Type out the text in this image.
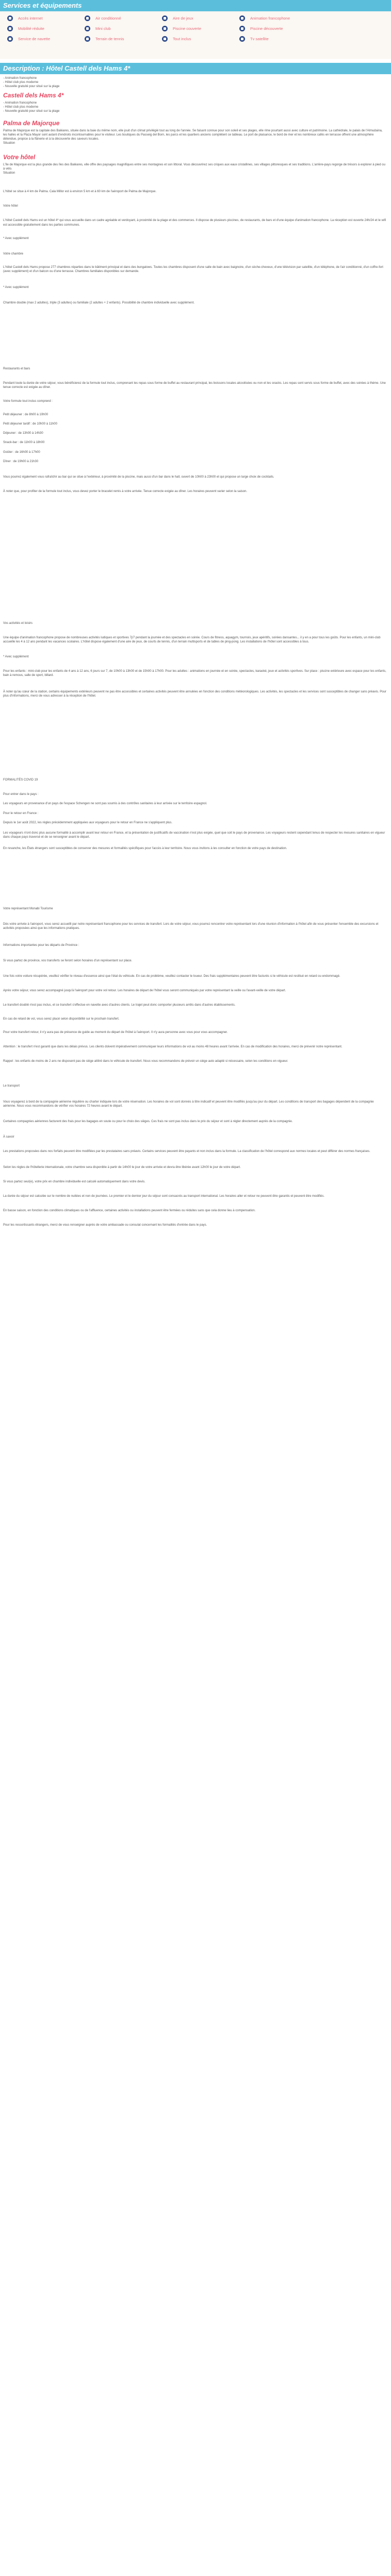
Services et équipements
Accès internet	Air conditionné	Aire de jeux	Animation francophone
Mobilité réduite	Mini club	Piscine couverte	Piscine découverte
Service de navette	Terrain de tennis	Tout inclus	Tv satellite
Description : Hôtel Castell dels Hams 4*

- Animation francophone
- Hôtel club plus moderne
- Nouvelle gratuité pour situé sur la plage

Castell dels Hams 4*

- Animation francophone
- Hôtel club plus moderne
- Nouvelle gratuité pour situé sur la plage

Palma de Majorque

Palma de Majorque est la capitale des Baléares, située dans la baie du même nom, elle jouit d'un climat privilégié tout au long de l'année. Se faisant connue pour son soleil et ses plages, elle rime pourtant aussi avec culture et patrimoine. La cathédrale, le palais de l'Almudaina, les halles et la Plaza Mayor sont autant d'endroits incontournables pour le visiteur. Les boutiques du Passeig del Born, les parcs et les quartiers anciens complètent ce tableau. Le port de plaisance, le bord de mer et les nombreux cafés en terrasse offrent une atmosphère détendue, propice à la flânerie et à la découverte des saveurs locales.
Situation

Votre hôtel

L'île de Majorque est la plus grande des îles des Baléares, elle offre des paysages magnifiques entre ses montagnes et son littoral. Vous découvrirez ses criques aux eaux cristallines, ses villages pittoresques et ses traditions. L'arrière-pays regorge de trésors à explorer à pied ou à vélo.
Situation

L'hôtel se situe à 4 km de Palma. Cala Millor est à environ 5 km et à 60 km de l'aéroport de Palma de Majorque.

Votre hôtel

L'hôtel Castell dels Hams est un hôtel 4* qui vous accueille dans un cadre agréable et verdoyant, à proximité de la plage et des commerces. Il dispose de plusieurs piscines, de restaurants, de bars et d'une équipe d'animation francophone. La réception est ouverte 24h/24 et le wifi est accessible gratuitement dans les parties communes.

* Avec supplément

Votre chambre

L'hôtel Castell dels Hams propose 277 chambres réparties dans le bâtiment principal et dans des bungalows. Toutes les chambres disposent d'une salle de bain avec baignoire, d'un sèche-cheveux, d'une télévision par satellite, d'un téléphone, de l'air conditionné, d'un coffre-fort (avec supplément) et d'un balcon ou d'une terrasse. Chambres familiales disponibles sur demande.

* Avec supplément

Chambre double (max 2 adultes), triple (3 adultes) ou familiale (2 adultes + 2 enfants). Possibilité de chambre individuelle avec supplément.

Restaurants et bars

Pendant toute la durée de votre séjour, vous bénéficierez de la formule tout inclus, comprenant les repas sous forme de buffet au restaurant principal, les boissons locales alcoolisées ou non et les snacks. Les repas sont servis sous forme de buffet, avec des soirées à thème. Une tenue correcte est exigée au dîner.

Votre formule tout inclus comprend :

Petit déjeuner : de 8h00 à 10h00

Petit déjeuner tardif : de 10h00 à 11h00

Déjeuner : de 13h00 à 14h30

Snack-bar : de 11h00 à 18h00

Goûter : de 16h00 à 17h00

Dîner : de 19h00 à 21h30

Vous pourrez également vous rafraîchir au bar qui se situe à l'extérieur, à proximité de la piscine, mais aussi d'un bar dans le hall, ouvert de 10h00 à 23h00 et qui propose un large choix de cocktails.

À noter que, pour profiter de la formule tout inclus, vous devez porter le bracelet remis à votre arrivée. Tenue correcte exigée au dîner. Les horaires peuvent varier selon la saison.

Vos activités et loisirs

Une équipe d'animation francophone propose de nombreuses activités ludiques et sportives 7j/7 pendant la journée et des spectacles en soirée. Cours de fitness, aquagym, tournois, jeux apéritifs, soirées dansantes... il y en a pour tous les goûts. Pour les enfants, un mini-club accueille les 4 à 12 ans pendant les vacances scolaires. L'hôtel dispose également d'une aire de jeux, de courts de tennis, d'un terrain multisports et de tables de ping-pong. Les installations de l'hôtel sont accessibles à tous.

* Avec supplément

Pour les enfants : mini-club pour les enfants de 4 ans à 12 ans, 6 jours sur 7, de 10h00 à 13h00 et de 15h00 à 17h00. Pour les adultes : animations en journée et en soirée, spectacles, karaoké, jeux et activités sportives. Sur place : piscine extérieure avec espace pour les enfants, bain à remous, salle de sport, billard.

À noter qu'au cœur de la station, certains équipements extérieurs peuvent ne pas être accessibles et certaines activités peuvent être annulées en fonction des conditions météorologiques. Les activités, les spectacles et les services sont susceptibles de changer sans préavis. Pour plus d'informations, merci de vous adresser à la réception de l'hôtel.

FORMALITÉS COVID 19

Pour entrer dans le pays :

Les voyageurs en provenance d'un pays de l'espace Schengen ne sont pas soumis à des contrôles sanitaires à leur arrivée sur le territoire espagnol.

Pour le retour en France :

Depuis le 1er août 2022, les règles précédemment appliquées aux voyageurs pour le retour en France ne s'appliquent plus.

Les voyageurs n'ont donc plus aucune formalité à accomplir avant leur retour en France, et la présentation de justificatifs de vaccination n'est plus exigée, quel que soit le pays de provenance. Les voyageurs restent cependant tenus de respecter les mesures sanitaires en vigueur dans chaque pays traversé et de se renseigner avant le départ.

En revanche, les États étrangers sont susceptibles de conserver des mesures et formalités spécifiques pour l'accès à leur territoire. Nous vous invitons à les consulter en fonction de votre pays de destination.

Votre représentant Monabi Tourisme

Dès votre arrivée à l'aéroport, vous serez accueilli par notre représentant francophone pour les services de transfert. Lors de votre séjour, vous pourrez rencontrer votre représentant lors d'une réunion d'information à l'hôtel afin de vous présenter l'ensemble des excursions et activités proposées ainsi que les informations pratiques.

Informations importantes pour les départs de Province :

Si vous partez de province, vos transferts se feront selon horaires d'un représentant sur place.

Une fois votre voiture récupérée, veuillez vérifier le niveau d'essence ainsi que l'état du véhicule. En cas de problème, veuillez contacter le loueur. Des frais supplémentaires peuvent être facturés si le véhicule est restitué en retard ou endommagé.

Après votre séjour, vous serez accompagné jusqu'à l'aéroport pour votre vol retour. Les horaires de départ de l'hôtel vous seront communiqués par votre représentant la veille ou l'avant-veille de votre départ.

Le transfert doublé n'est pas inclus, et ce transfert s'effectue en navette avec d'autres clients. Le trajet peut donc comporter plusieurs arrêts dans d'autres établissements.

En cas de retard de vol, vous serez placé selon disponibilité sur le prochain transfert.

Pour votre transfert retour, il n'y aura pas de présence de guide au moment du départ de l'hôtel à l'aéroport. Il n'y aura personne avec vous pour vous accompagner.

Attention : le transfert n'est garanti que dans les délais prévus. Les clients doivent impérativement communiquer leurs informations de vol au moins 48 heures avant l'arrivée. En cas de modification des horaires, merci de prévenir notre représentant.

Rappel : les enfants de moins de 2 ans ne disposent pas de siège attitré dans le véhicule de transfert. Nous vous recommandons de prévoir un siège auto adapté si nécessaire, selon les conditions en vigueur.

Le transport

Vous voyagerez à bord de la compagnie aérienne régulière ou charter indiquée lors de votre réservation. Les horaires de vol sont donnés à titre indicatif et peuvent être modifiés jusqu'au jour du départ. Les conditions de transport des bagages dépendent de la compagnie aérienne. Nous vous recommandons de vérifier vos horaires 72 heures avant le départ.

Certaines compagnies aériennes facturent des frais pour les bagages en soute ou pour le choix des sièges. Ces frais ne sont pas inclus dans le prix du séjour et sont à régler directement auprès de la compagnie.

À savoir

Les prestations proposées dans nos forfaits peuvent être modifiées par les prestataires sans préavis. Certains services peuvent être payants et non inclus dans la formule. La classification de l'hôtel correspond aux normes locales et peut différer des normes françaises.

Selon les règles de l'hôtellerie internationale, votre chambre sera disponible à partir de 14h00 le jour de votre arrivée et devra être libérée avant 12h00 le jour de votre départ.

Si vous partez seul(e), votre prix en chambre individuelle est calculé automatiquement dans votre devis.

La durée du séjour est calculée sur le nombre de nuitées et non de journées. Le premier et le dernier jour du séjour sont consacrés au transport international. Les horaires aller et retour ne peuvent être garantis et peuvent être modifiés.

En basse saison, en fonction des conditions climatiques ou de l'affluence, certaines activités ou installations peuvent être fermées ou réduites sans que cela donne lieu à compensation.

Pour les ressortissants étrangers, merci de vous renseigner auprès de votre ambassade ou consulat concernant les formalités d'entrée dans le pays.
